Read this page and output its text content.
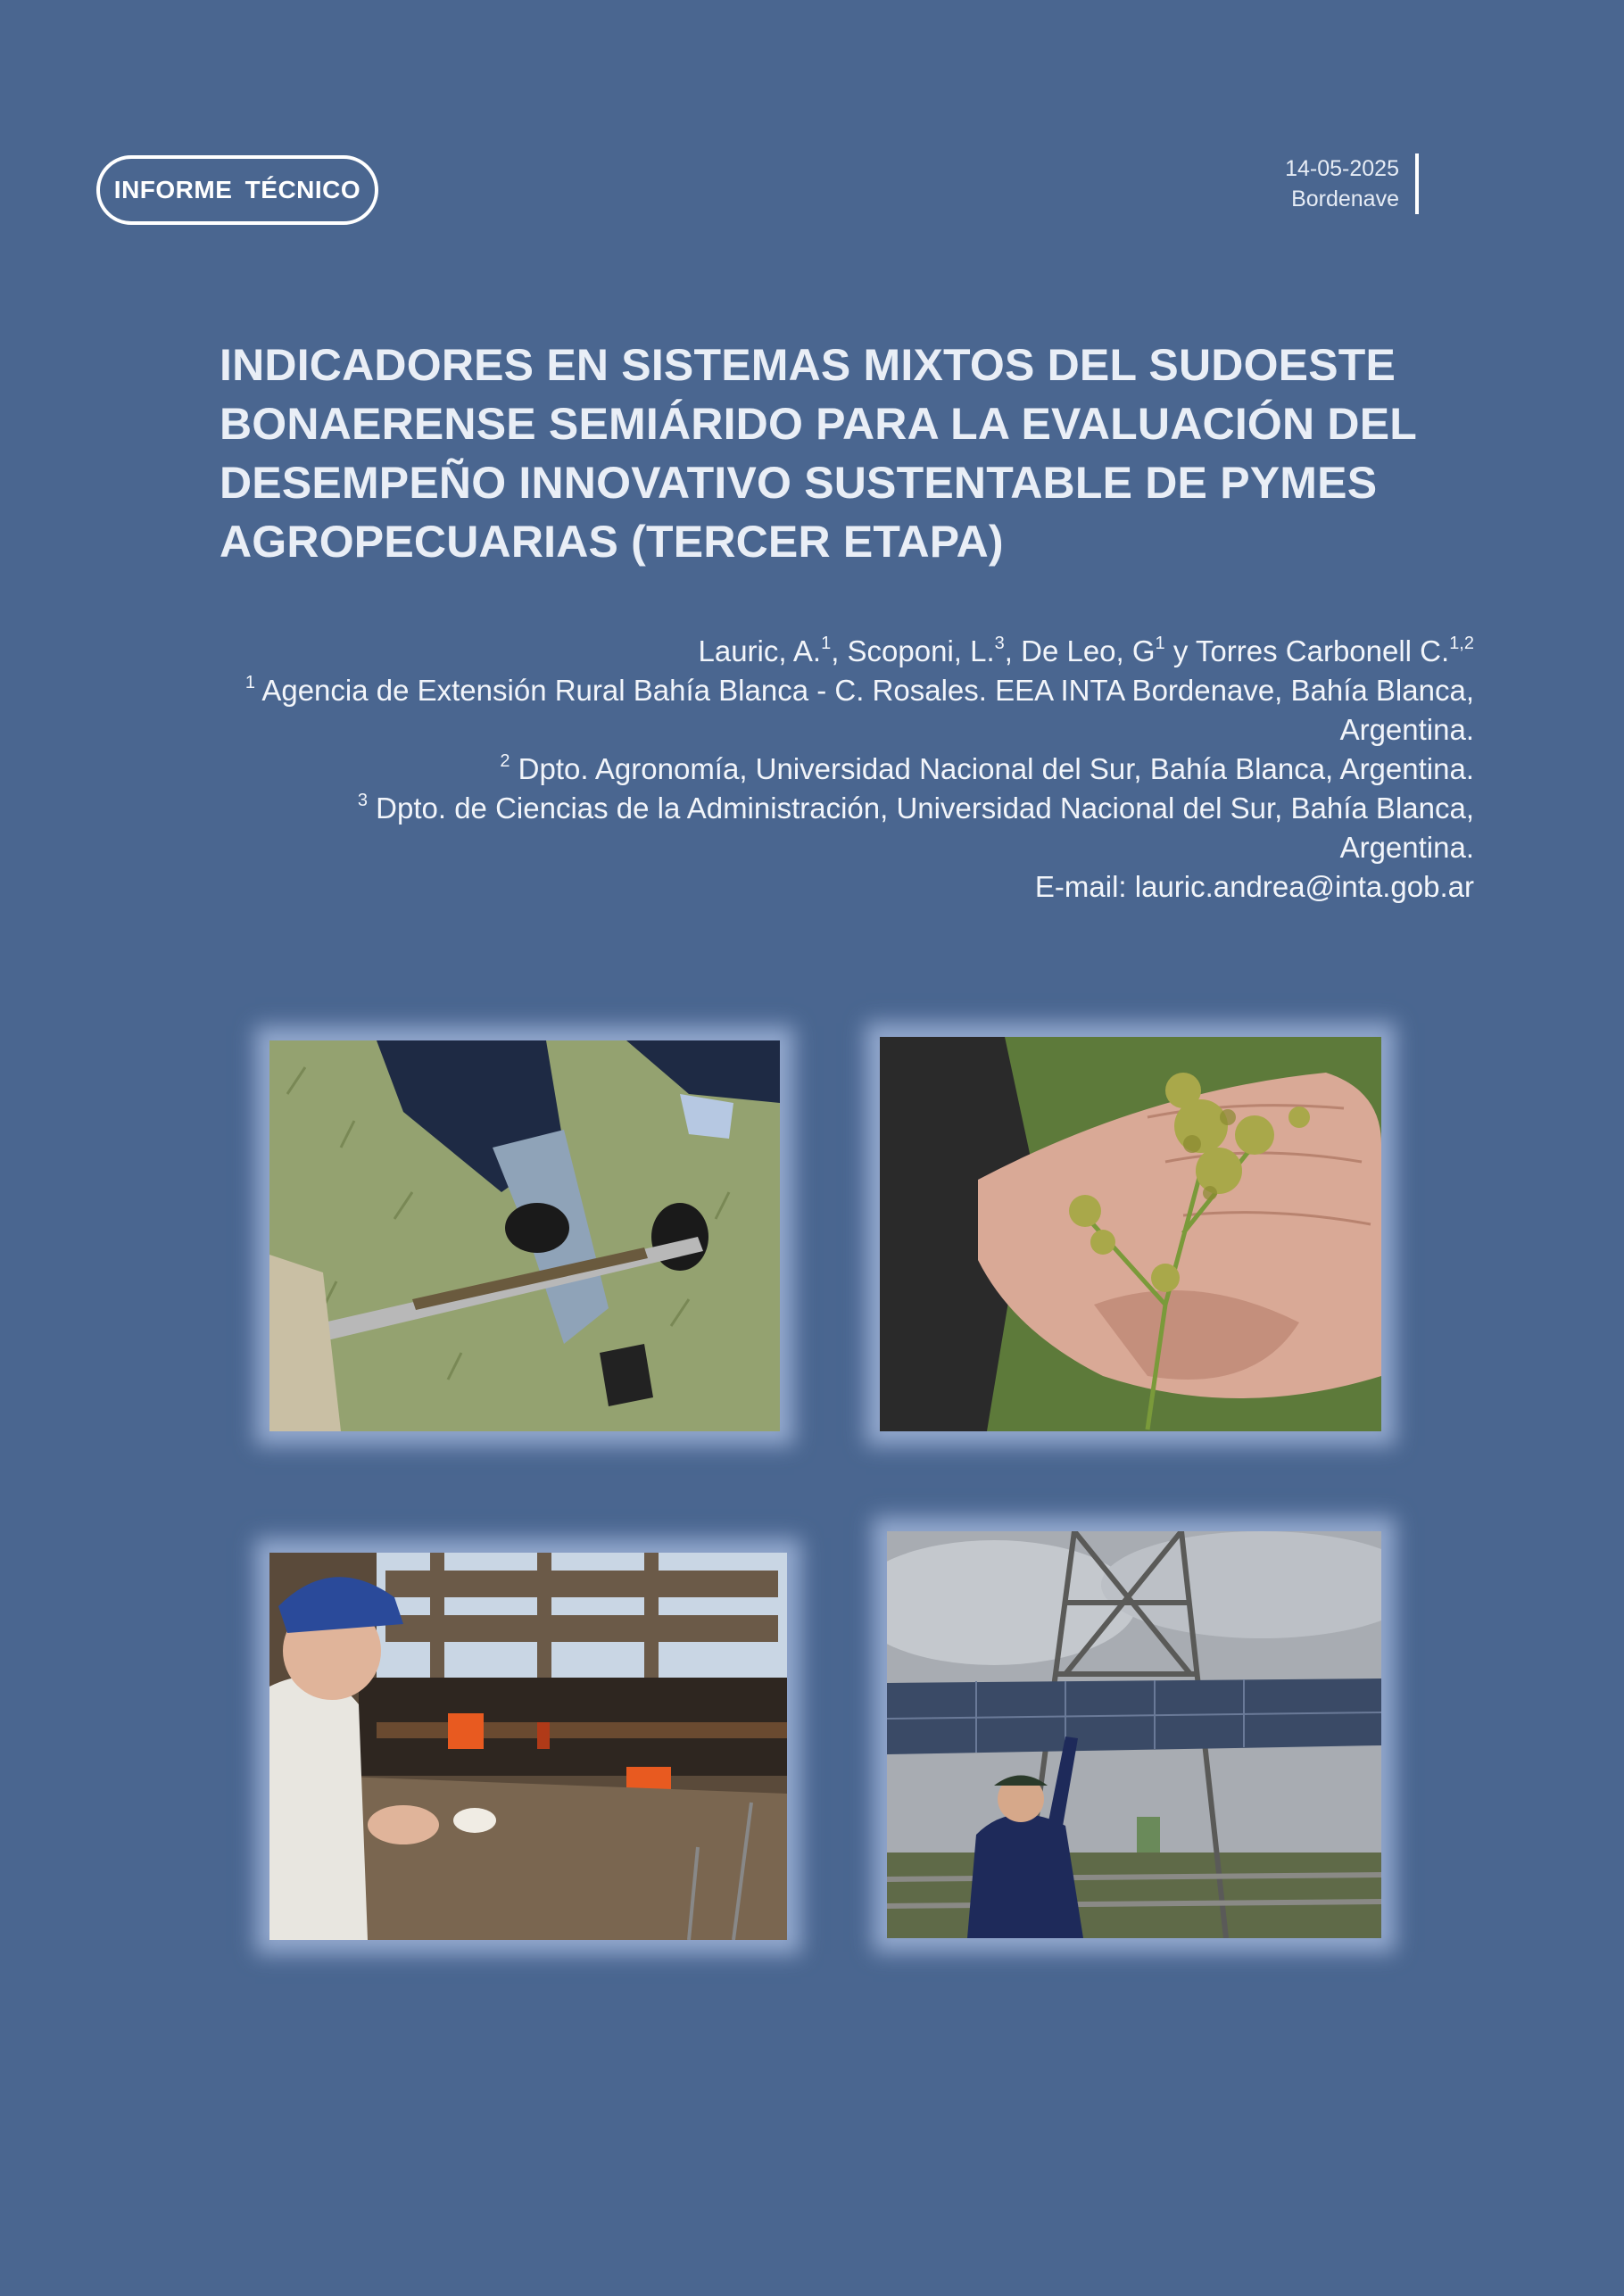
INFORME TÉCNICO
14-05-2025
Bordenave
INDICADORES EN SISTEMAS MIXTOS DEL SUDOESTE BONAERENSE SEMIÁRIDO PARA LA EVALUACIÓN DEL DESEMPEÑO INNOVATIVO SUSTENTABLE DE PYMES AGROPECUARIAS (TERCER ETAPA)

Lauric, A.$^1$, Scoponi, L.$^3$, De Leo, $G^1$ y Torres Carbonell C.$^{1,2}$

$^1$ Agencia de Extensión Rural Bahía Blanca - C. Rosales. EEA INTA Bordenave, Bahía Blanca, Argentina.

$^2$ Dpto. Agronomía, Universidad Nacional del Sur, Bahía Blanca, Argentina.

$^3$ Dpto. de Ciencias de la Administración, Universidad Nacional del Sur, Bahía Blanca, Argentina.

E-mail: lauric.andrea@inta.gob.ar
